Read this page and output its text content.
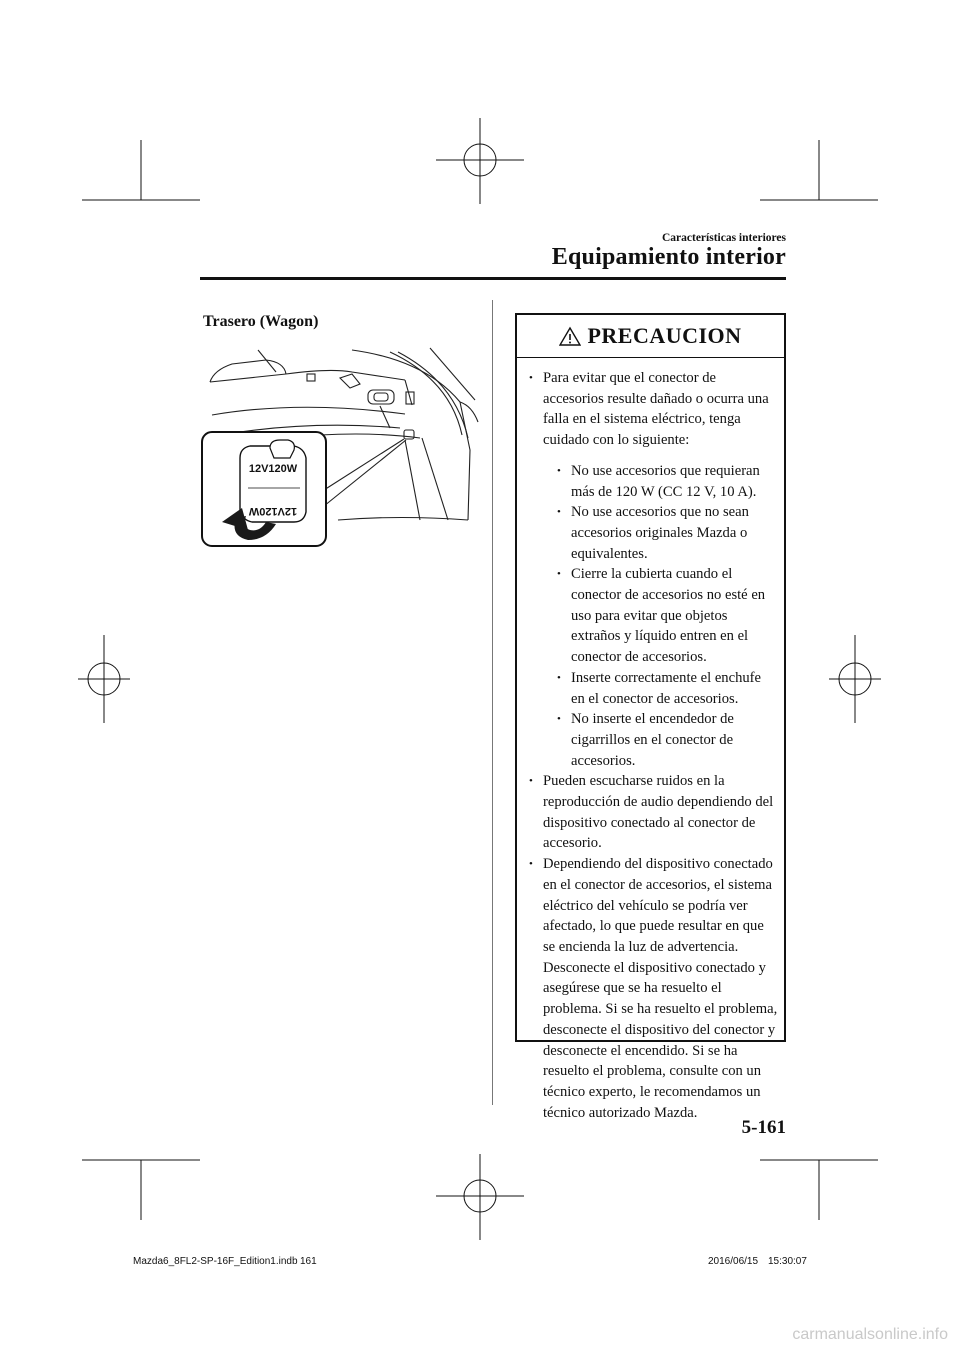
Características interiores
Equipamiento interior
Trasero (Wagon)
12V120W
12V120W
PRECAUCION
• Para evitar que el conector de accesorios resulte dañado o ocurra una falla en el sistema eléctrico, tenga cuidado con lo siguiente:
• No use accesorios que requieran más de 120 W (CC 12 V, 10 A).
• No use accesorios que no sean accesorios originales Mazda o equivalentes.
• Cierre la cubierta cuando el conector de accesorios no esté en uso para evitar que objetos extraños y líquido entren en el conector de accesorios.
• Inserte correctamente el enchufe en el conector de accesorios.
• No inserte el encendedor de cigarrillos en el conector de accesorios.
• Pueden escucharse ruidos en la reproducción de audio dependiendo del dispositivo conectado al conector de accesorio.
• Dependiendo del dispositivo conectado en el conector de accesorios, el sistema eléctrico del vehículo se podría ver afectado, lo que puede resultar en que se encienda la luz de advertencia. Desconecte el dispositivo conectado y asegúrese que se ha resuelto el problema. Si se ha resuelto el problema, desconecte el dispositivo del conector y desconecte el encendido. Si se ha resuelto el problema, consulte con un técnico experto, le recomendamos un técnico autorizado Mazda.
5-161
Mazda6_8FL2-SP-16F_Edition1.indb 161	2016/06/15 15:30:07
carmanualsonline.info
